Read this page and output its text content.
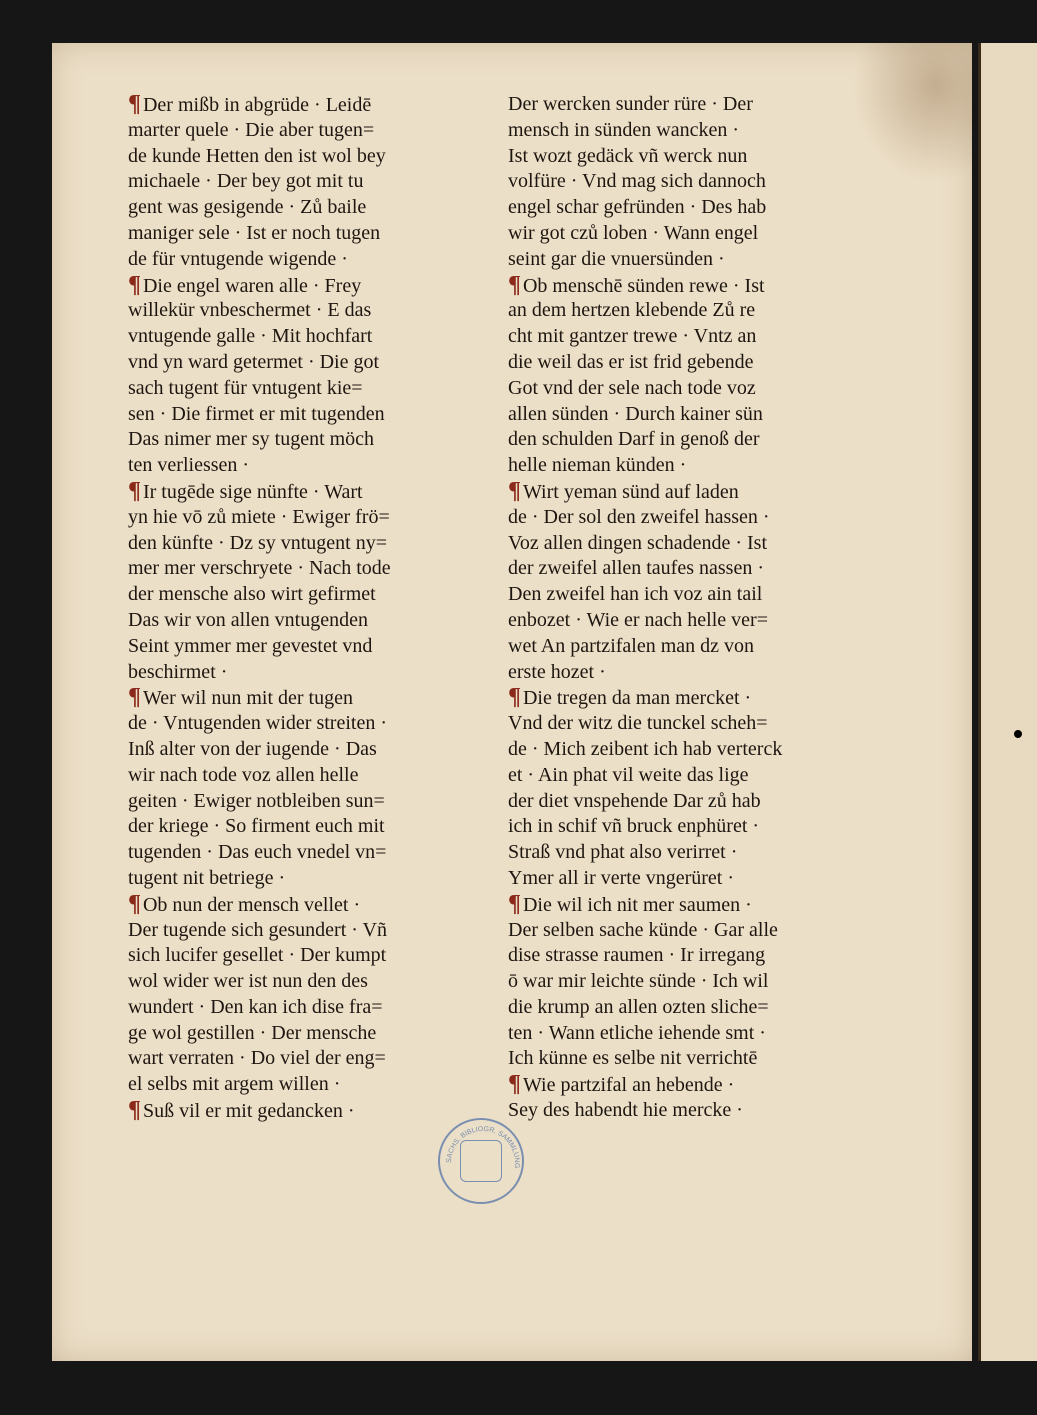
¶ Der mißb in abgrüde · Leidē
marter quele · Die aber tugen=
de kunde Hetten den ist wol bey
michaele · Der bey got mit tu
gent was gesigende · Zů baile
maniger sele · Ist er noch tugen
de für vntugende wigende ·
¶ Die engel waren alle · Frey
willekür vnbeschermet · E das
vntugende galle · Mit hochfart
vnd yn ward getermet · Die got
sach tugent für vntugent kie=
sen · Die firmet er mit tugenden
Das nimer mer sy tugent möch
ten verliessen ·
¶ Ir tugēde sige nünfte · Wart
yn hie vō zů miete · Ewiger frö=
den künfte · Dz sy vntugent ny=
mer mer verschryete · Nach tode
der mensche also wirt gefirmet
Das wir von allen vntugenden
Seint ymmer mer gevestet vnd
beschirmet ·
¶ Wer wil nun mit der tugen
de · Vntugenden wider streiten ·
Inß alter von der iugende · Das
wir nach tode voz allen helle
geiten · Ewiger notbleiben sun=
der kriege · So firment euch mit
tugenden · Das euch vnedel vn=
tugent nit betriege ·
¶ Ob nun der mensch vellet ·
Der tugende sich gesundert · Vñ
sich lucifer gesellet · Der kumpt
wol wider wer ist nun den des
wundert · Den kan ich dise fra=
ge wol gestillen · Der mensche
wart verraten · Do viel der eng=
el selbs mit argem willen ·
¶ Suß vil er mit gedancken ·
Der wercken sunder rüre · Der
mensch in sünden wancken ·
Ist wozt gedäck vñ werck nun
volfüre · Vnd mag sich dannoch
engel schar gefründen · Des hab
wir got czů loben · Wann engel
seint gar die vnuersünden ·
¶ Ob menschē sünden rewe · Ist
an dem hertzen klebende Zů re
cht mit gantzer trewe · Vntz an
die weil das er ist frid gebende
Got vnd der sele nach tode voz
allen sünden · Durch kainer sün
den schulden Darf in genoß der
helle nieman künden ·
¶ Wirt yeman sünd auf laden
de · Der sol den zweifel hassen ·
Voz allen dingen schadende · Ist
der zweifel allen taufes nassen ·
Den zweifel han ich voz ain tail
enbozet · Wie er nach helle ver=
wet An partzifalen man dz von
erste hozet ·
¶ Die tregen da man mercket ·
Vnd der witz die tunckel scheh=
de · Mich zeibent ich hab verterck
et · Ain phat vil weite das lige
der diet vnspehende Dar zů hab
ich in schif vñ bruck enphüret ·
Straß vnd phat also verirret ·
Ymer all ir verte vngerüret ·
¶ Die wil ich nit mer saumen ·
Der selben sache künde · Gar alle
dise strasse raumen · Ir irregang
ō war mir leichte sünde · Ich wil
die krump an allen ozten sliche=
ten · Wann etliche iehende smt ·
Ich künne es selbe nit verrichtē
¶ Wie partzifal an hebende ·
Sey des habendt hie mercke ·
SACHS. BIBLIOGR. SAMMLUNG
